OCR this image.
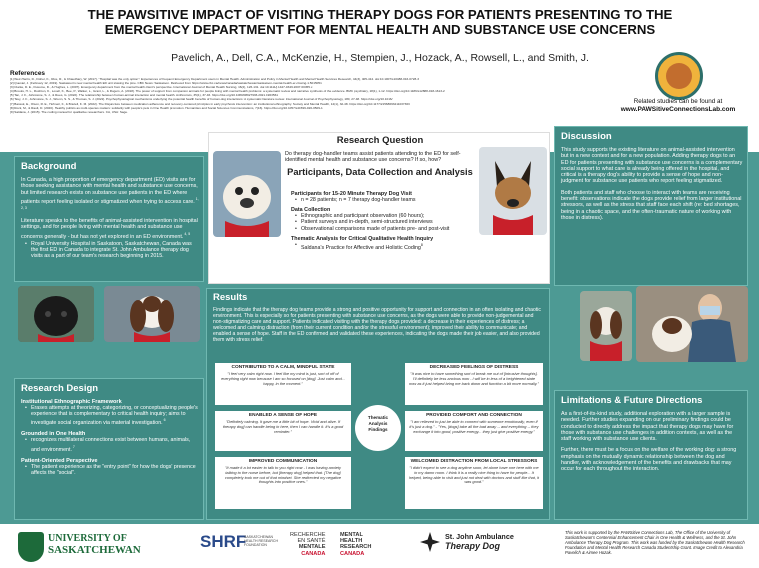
THE PAWSITIVE IMPACT OF VISITING THERAPY DOGS FOR PATIENTS PRESENTING TO THE
EMERGENCY DEPARTMENT FOR MENTAL HEALTH AND SUBSTANCE USE CONCERNS
Pavelich, A., Dell, C.A., McKenzie, H., Stempien, J., Hozack, A., Rowsell, L., and Smith, J.
References
[1] Weir-Harris, D., Fisher, K., Rice, R., & Chaudhary, W. (2017). "Hospital was the only option": Experiences of frequent Emergency Department users in Mental Health. Administration and Policy in Mental Health and Mental Health Services Research, 44(3), 405-412. doi:10.1007/s10488-016-0728-3
[2] Questel, J. (February 12, 2019). Saskatoon's new mental health ED unit slowing the pine. CBC News: Saskatoon. Retrieved from https://www.cbc.ca/news/canada/saskatchewan/saskatoon-mental-health-er-closing-1.5015051
[3] Clarke, D. E., Dusome, D., & Hughes, L. (2007). Emergency department from the mental health client's perspective. International Journal of Mental Health Nursing, 16(2), 126-131. doi:10.1111/j.1447-0349.2007.00455.x
[4] Brooks, H. L., Rushton, K., Lovell, K., Bee, P., Walker, L., Grant, L., & Rogers, A. (2018). The power of support from companion animals for people living with mental health problems: a systematic review and narrative synthesis of the evidence. BMC psychiatry, 18(1), 1-12. https://doi.org/10.1186/s12888-018-1613-2
[5] Tan, J. F., Johnstone, S. J., & Rees, G. (2022). The relationship between human-animal interaction and mental health. Anthrozoös, 35(1), 37-46. https://doi.org/10.1080/08927936.2021.1963561
[6] Tavy, J. F., Johnstone, S. J., Wrenn, S. S., & Thomas, S. J. (2022). Psychophysiological mechanisms underlying the potential health benefits of human-dog interactions: A systematic literature review. International Journal of Psychophysiology, 180, 27-48. https://doi.org/10.1016/
[7] Bassuk, E., Olson, R. E., Hofmeir, F., & Brazell, K. M. (2022). The Disjuncture between medication adherence and recovery-centered principles in early psychosis intervention: an institutional ethnography. Society and Mental Health, 12(1), 32-48. https://doi.org/10.1177/21568693211037363
[8] Rock, M., & Rault, D. (2020). Healthy publics as multi-species matters: solidarity with people's pets in One Health promotion. Humanities and Social Sciences Communications, 7(16). https://doi.org/10.1057/s41599-020-0509-1
[9] Saldana, J. (2015). The coding manual for qualitative researchers. CA, USA: Sage.
Related studies can be found at
www.PAWSitiveConnectionsLab.com
Background
In Canada, a high proportion of emergency department (ED) visits are for those seeking assistance with mental health and substance use concerns, but limited research exists on substance use patients in the ED where patients report feeling isolated or stigmatized when trying to access care. $^{1, 2, 3}$
Literature speaks to the benefits of animal-assisted intervention in hospital settings, and for people living with mental health and substance use concerns generally - but has not yet explored in an ED environment. $^{4, 5}$
• Royal University Hospital in Saskatoon, Saskatchewan, Canada was the first ED in Canada to integrate St. John Ambulance therapy dog visits as a part of our team's research beginning in 2015.
Research Design
Institutional Ethnographic Framework
• Erases attempts at theorizing, categorizing, or conceptualizing people's experience that is complementary to critical health inquiry; aims to investigate social organization via material investigation. $^6$
Grounded in One Health
• recognizes multilateral connections exist between humans, animals, and environment. $^7$
Patient-Oriented Perspective
• The patient experience as the "entry point" for how the dogs' presence affects the "social".
Research Question
Do therapy dog-handler teams assist patients attending to the ED for self-identified mental health and substance use concerns? If so, how?
Participants, Data Collection and Analysis
Participants for 15-20 Minute Therapy Dog Visit
• n = 28 patients; n = 7 therapy dog-handler teams
Data Collection
• Ethnographic and participant observation (60 hours);
• Patient surveys and in-depth, semi-structured interviews
• Observational comparisons made of patients pre- and post-visit
Thematic Analysis for Critical Qualitative Health Inquiry
• Saldana's Practice for Affective and Holistic Coding$^8$
Discussion
This study supports the existing literature on animal-assisted intervention but in a new context and for a new population. Adding therapy dogs to an ED for patients presenting with substance use concerns is a complementary social support to what care is already being offered in the hospital, and critical is a therapy dog's ability to provide a sense of hope and non-judgment for substance use patients who report feeling stigmatized.
Both patients and staff who choose to interact with teams are receiving benefit: observations indicate the dogs provide relief from larger institutional stressors, as well as the stress that staff face each shift (re: bed shortages, being in a chaotic space, and the often-traumatic nature of working with those in distress).
Limitations & Future Directions
As a first-of-its-kind study, additional exploration with a larger sample is needed. Further studies expanding on our preliminary findings could be conducted to directly address the impact that therapy dogs may have for those with substance use challenges in addition contexts, as well as the staff working with substance use clients.
Further, there must be a focus on the welfare of the working dog: a strong emphasis on the mutually dynamic relationship between the dog and handler, with acknowledgement of the benefits and drawbacks that may occur for each throughout the interaction.
Results
Findings indicate that the therapy dog teams provide a strong and positive opportunity for support and connection in an often isolating and chaotic environment. This is especially so for patients presenting with substance use concerns, as the dogs were able to provide non-judgemental and non-stigmatizing care and support. Patients indicated visiting with the therapy dogs provided: a decrease in their experiences of distress; a welcomed and calming distraction (from their current condition and/or the stressful environment); improved their ability to communicate; and enabled a sense of hope. Staff in the ED confirmed and validated these experiences, indicating the dogs made their job easier, and also provided them with stress relief.
CONTRIBUTED TO A CALM, MINDFUL STATE
"I feel very calm right now. I feel like my mind is just, sort of off of everything right now because I am so focused on [dog]. Just calm and... happy, in the moment."
DECREASED FEELINGS OF DISTRESS
"It was nice to have something sort of break me out of [intrusive thoughts]. I'll definitely be less anxious now - I will be in less of a heightened state now as it just helped bring me back down and function a bit more normally."
ENABLED A SENSE OF HOPE
"Definitely calming. It gave me a little bit of hope. Vivid and alive. If therapy dog] can handle being in here, then I can handle it. It's a good reminder."
PROVIDED COMFORT AND CONNECTION
"I am relieved to just be able to connect with someone emotionally, even if it's just a dog." - "Yes, [dogs] take all the bad away -- and everything -- they exchange it into good, positive energy... they just give positive energy."
IMPROVED COMMUNICATION
"It made it a lot easier to talk to you right now - I was having anxiety talking to the nurse before, but [therapy dog] helped that. [The dog] completely took me out of that mindset. She redirected my negative thoughts into positive ones."
WELCOMED DISTRACTION FROM LOCAL STRESSORS
"I didn't expect to see a dog anytime soon, let alone have one here with me in my damn room. I think it is a really nice thing to have for people... It helped, being able to visit and just not deal with doctors and stuff like that, it was good."
Thematic
Analysis
Findings
UNIVERSITY OF
SASKATCHEWAN	SHRF
SASKATCHEWAN HEALTH RESEARCH FOUNDATION
RECHERCHE
EN SANTÉ
MENTALE
CANADA
MENTAL
HEALTH
RESEARCH
CANADA
St. John Ambulance
Therapy Dog
This work is supported by the PAWSitive Connections Lab, The Office of the University of Saskatchewan's Centennial Enhancement Chair in One Health & Wellness, and the St. John Ambulance Therapy Dog Program. This work was funded by the Saskatchewan Health Research Foundation and Mental Health Research Canada Studentship Grant. Image Credit to Alexandria Pavelich & Aimee Hozak.
